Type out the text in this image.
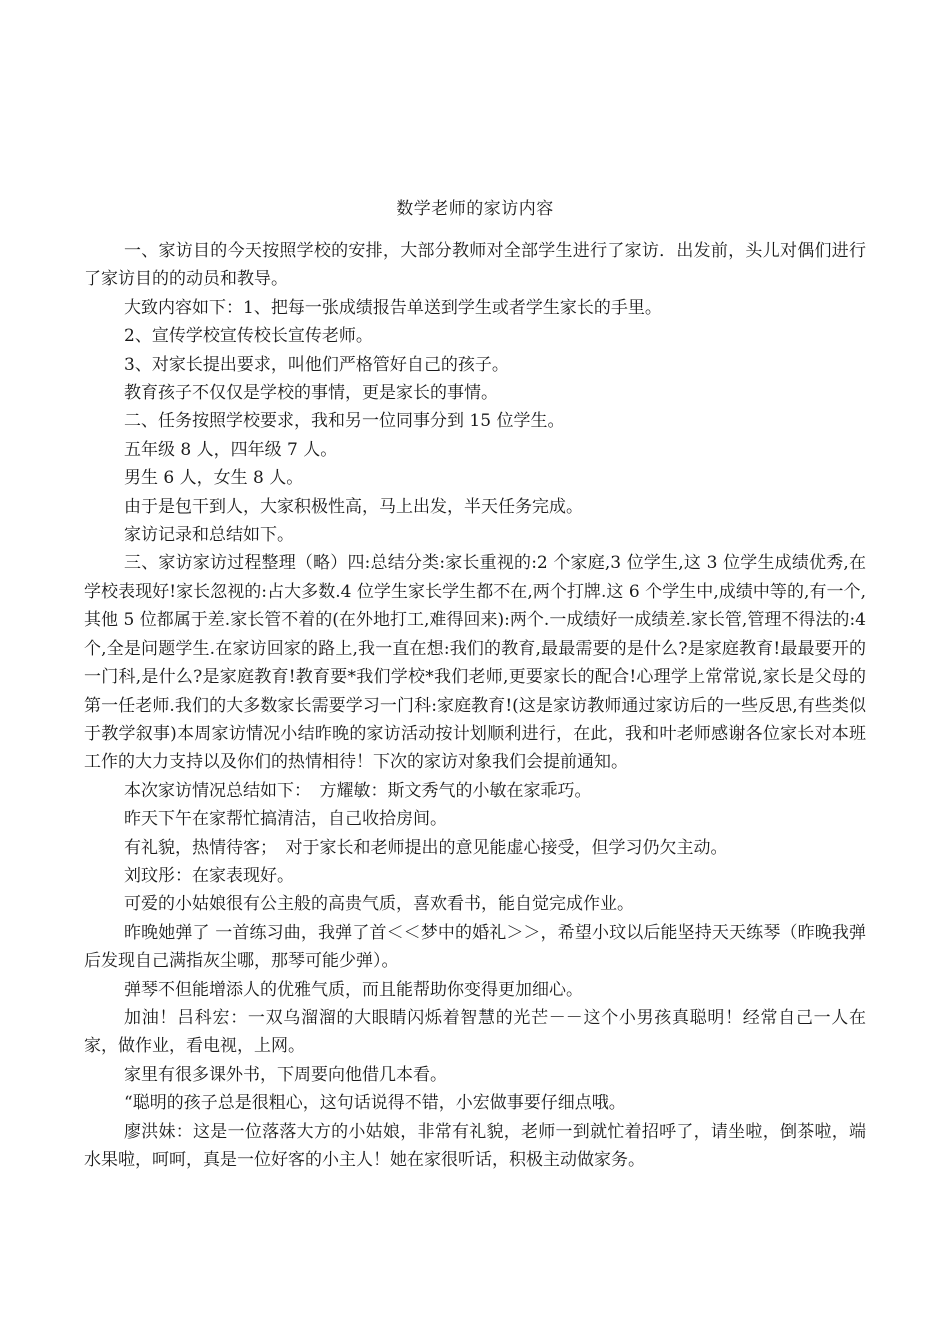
数学老师的家访内容

一、家访目的今天按照学校的安排，大部分教师对全部学生进行了家访．出发前，头儿对偶们进行了家访目的的动员和教导。

大致内容如下：1、把每一张成绩报告单送到学生或者学生家长的手里。

2、宣传学校宣传校长宣传老师。

3、对家长提出要求，叫他们严格管好自己的孩子。

教育孩子不仅仅是学校的事情，更是家长的事情。

二、任务按照学校要求，我和另一位同事分到 15 位学生。

五年级 8 人，四年级 7 人。

男生 6 人，女生 8 人。

由于是包干到人，大家积极性高，马上出发，半天任务完成。

家访记录和总结如下。

三、家访家访过程整理（略）四:总结分类:家长重视的:2 个家庭,3 位学生,这 3 位学生成绩优秀,在学校表现好!家长忽视的:占大多数.4 位学生家长学生都不在,两个打牌.这 6 个学生中,成绩中等的,有一个,其他 5 位都属于差.家长管不着的(在外地打工,难得回来):两个.一成绩好一成绩差.家长管,管理不得法的:4 个,全是问题学生.在家访回家的路上,我一直在想:我们的教育,最最需要的是什么?是家庭教育!最最要开的一门科,是什么?是家庭教育!教育要*我们学校*我们老师,更要家长的配合!心理学上常常说,家长是父母的第一任老师.我们的大多数家长需要学习一门科:家庭教育!(这是家访教师通过家访后的一些反思,有些类似于教学叙事)本周家访情况小结昨晚的家访活动按计划顺利进行，在此，我和叶老师感谢各位家长对本班工作的大力支持以及你们的热情相待！下次的家访对象我们会提前通知。

本次家访情况总结如下：　方耀敏：斯文秀气的小敏在家乖巧。

昨天下午在家帮忙搞清洁，自己收拾房间。

有礼貌，热情待客；　对于家长和老师提出的意见能虚心接受，但学习仍欠主动。

刘玟彤：在家表现好。

可爱的小姑娘很有公主般的高贵气质，喜欢看书，能自觉完成作业。

昨晚她弹了 一首练习曲，我弹了首＜＜梦中的婚礼＞＞，希望小玟以后能坚持天天练琴（昨晚我弹后发现自己满指灰尘哪，那琴可能少弹）。

弹琴不但能增添人的优雅气质，而且能帮助你变得更加细心。

加油！吕科宏：一双乌溜溜的大眼睛闪烁着智慧的光芒－－这个小男孩真聪明！经常自己一人在家，做作业，看电视，上网。

家里有很多课外书，下周要向他借几本看。

“聪明的孩子总是很粗心，这句话说得不错，小宏做事要仔细点哦。

廖洪妹：这是一位落落大方的小姑娘，非常有礼貌，老师一到就忙着招呼了，请坐啦，倒茶啦，端水果啦，呵呵，真是一位好客的小主人！她在家很听话，积极主动做家务。
